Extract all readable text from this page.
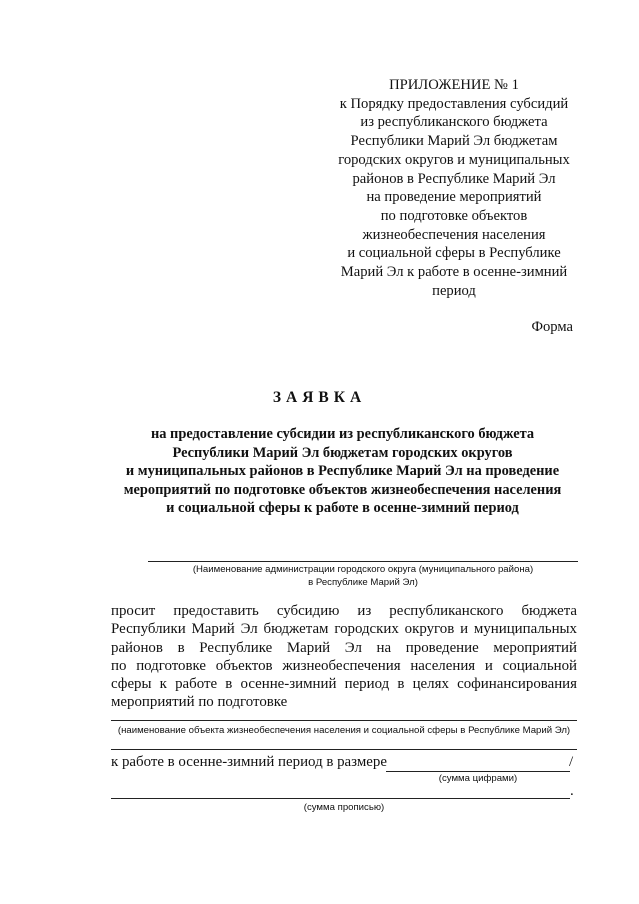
ПРИЛОЖЕНИЕ № 1
к Порядку предоставления субсидий
из республиканского бюджета
Республики Марий Эл бюджетам
городских округов и муниципальных
районов в Республике Марий Эл
на проведение мероприятий
по подготовке объектов
жизнеобеспечения населения
и социальной сферы в Республике
Марий Эл к работе в осенне-зимний
период
Форма
ЗАЯВКА
на предоставление субсидии из республиканского бюджета
Республики Марий Эл бюджетам городских округов
и муниципальных районов в Республике Марий Эл на проведение
мероприятий по подготовке объектов жизнеобеспечения населения
и социальной сферы к работе в осенне-зимний период
(Наименование администрации городского округа (муниципального района)
в Республике Марий Эл)
просит предоставить субсидию из республиканского бюджета
Республики Марий Эл бюджетам городских округов и муниципальных
районов в Республике Марий Эл на проведение мероприятий
по подготовке объектов жизнеобеспечения населения и социальной
сферы к работе в осенне-зимний период в целях софинансирования
мероприятий по подготовке
(наименование объекта жизнеобеспечения населения и социальной сферы в Республике Марий Эл)
к работе в осенне-зимний период в размере	/
(сумма цифрами)
.
(сумма прописью)
